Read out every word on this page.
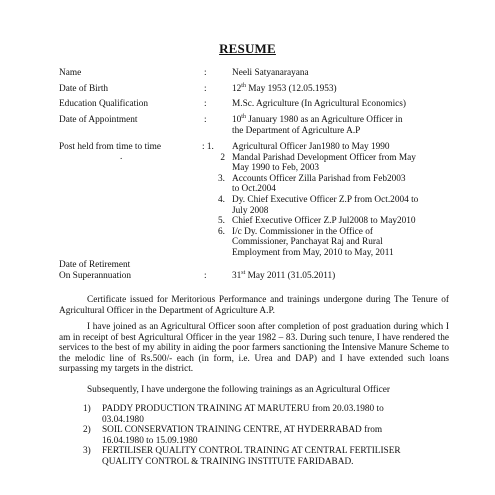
RESUME
Name	:	Neeli Satyanarayana
Date of Birth	:	12th May 1953 (12.05.1953)
Education Qualification	:	M.Sc. Agriculture (In Agricultural Economics)
Date of Appointment	:	10th January 1980 as an Agriculture Officer in
the Department of Agriculture A.P
Post held from time to time	: 1. Agricultural Officer Jan1980 to May 1990
.	2 Mandal Parishad Development Officer from May
May 1990 to Feb, 2003
3. Accounts Officer Zilla Parishad from Feb2003
to Oct.2004
4. Dy. Chief Executive Officer Z.P from Oct.2004 to
July 2008
5. Chief Executive Officer Z.P Jul2008 to May2010
6. I/c Dy. Commissioner in the Office of
Commissioner, Panchayat Raj and Rural
Employment from May, 2010 to May, 2011
Date of Retirement
On Superannuation	:	31st May 2011 (31.05.2011)
Certificate issued for Meritorious Performance and trainings undergone during The Tenure of Agricultural Officer in the Department of Agriculture A.P.
I have joined as an Agricultural Officer soon after completion of post graduation during which I am in receipt of best Agricultural Officer in the year 1982 – 83. During such tenure, I have rendered the services to the best of my ability in aiding the poor farmers sanctioning the Intensive Manure Scheme to the melodic line of Rs.500/- each (in form, i.e. Urea and DAP) and I have extended such loans surpassing my targets in the district.
Subsequently, I have undergone the following trainings as an Agricultural Officer
1) PADDY PRODUCTION TRAINING AT MARUTERU from 20.03.1980 to
03.04.1980
2) SOIL CONSERVATION TRAINING CENTRE, AT HYDERRABAD from
16.04.1980 to 15.09.1980
3) FERTILISER QUALITY CONTROL TRAINING AT CENTRAL FERTILISER
QUALITY CONTROL & TRAINING INSTITUTE FARIDABAD.
